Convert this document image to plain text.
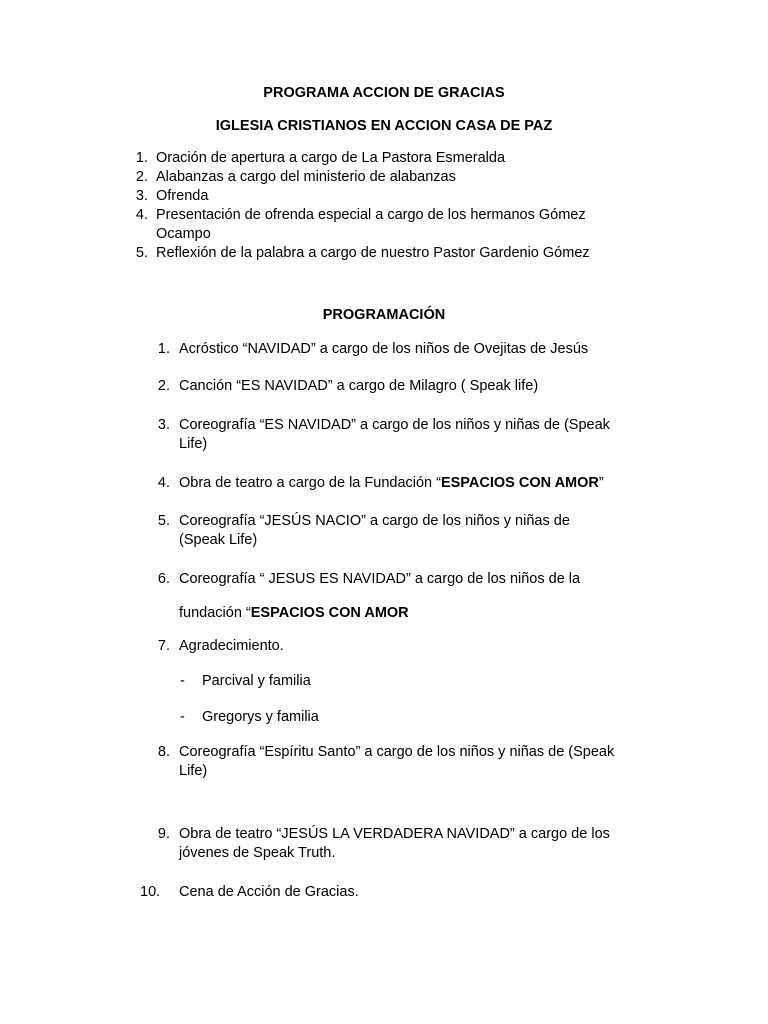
PROGRAMA ACCION DE GRACIAS
IGLESIA CRISTIANOS EN ACCION CASA DE PAZ
1. Oración de apertura a cargo de La Pastora Esmeralda
2. Alabanzas a cargo del ministerio de alabanzas
3. Ofrenda
4. Presentación de ofrenda especial a cargo de los hermanos Gómez
Ocampo
5. Reflexión de la palabra a cargo de nuestro Pastor Gardenio Gómez
PROGRAMACIÓN
1. Acróstico “NAVIDAD” a cargo de los niños de Ovejitas de Jesús
2. Canción “ES NAVIDAD” a cargo de Milagro ( Speak life)
3. Coreografía “ES NAVIDAD” a cargo de los niños y niñas de (Speak
Life)
4. Obra de teatro a cargo de la Fundación “ESPACIOS CON AMOR”
5. Coreografía “JESÚS NACIO” a cargo de los niños y niñas de
(Speak Life)
6. Coreografía “ JESUS ES NAVIDAD” a cargo de los niños de la
fundación “ESPACIOS CON AMOR
7. Agradecimiento.
- Parcival y familia
- Gregorys y familia
8. Coreografía “Espíritu Santo” a cargo de los niños y niñas de (Speak
Life)
9. Obra de teatro “JESÚS LA VERDADERA NAVIDAD” a cargo de los
jóvenes de Speak Truth.
10.	Cena de Acción de Gracias.
